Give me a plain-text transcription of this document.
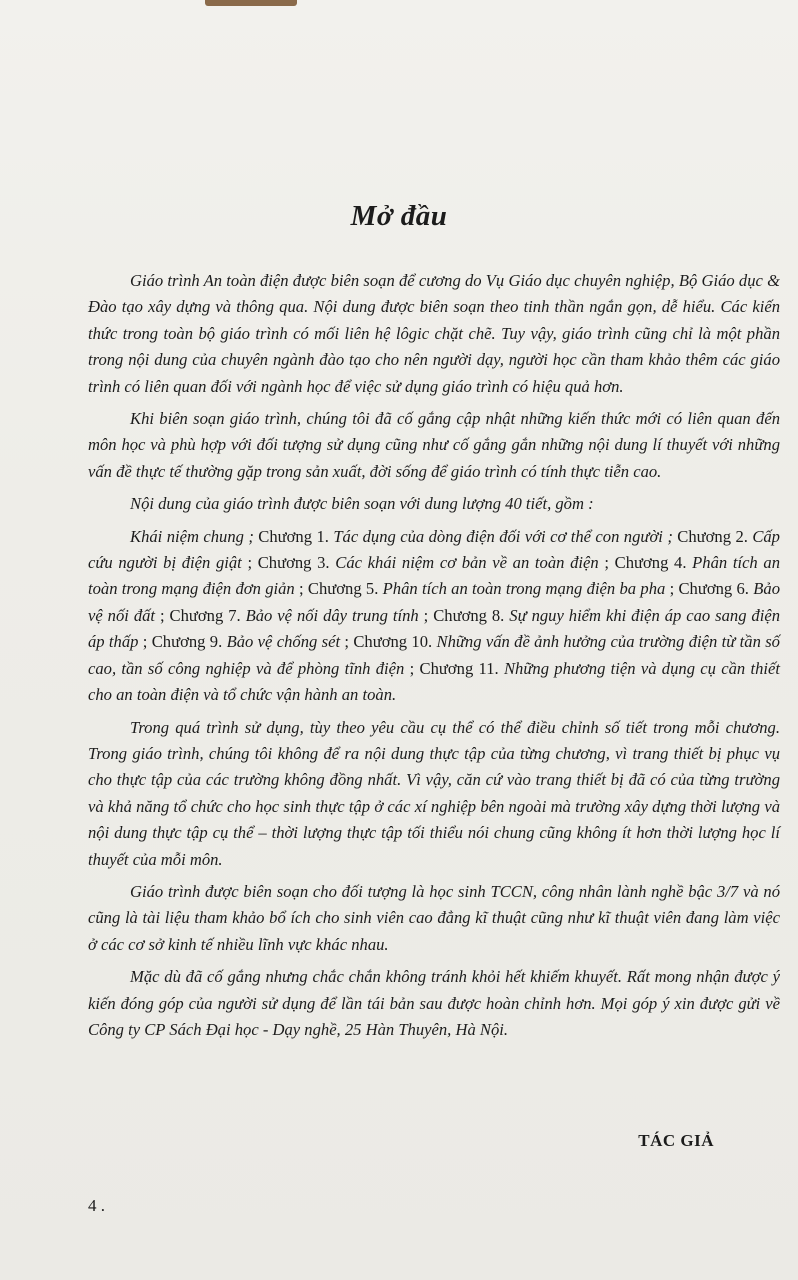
Mở đầu

Giáo trình An toàn điện được biên soạn để cương do Vụ Giáo dục chuyên nghiệp, Bộ Giáo dục & Đào tạo xây dựng và thông qua. Nội dung được biên soạn theo tinh thần ngắn gọn, dễ hiểu. Các kiến thức trong toàn bộ giáo trình có mối liên hệ lôgic chặt chẽ. Tuy vậy, giáo trình cũng chỉ là một phần trong nội dung của chuyên ngành đào tạo cho nên người dạy, người học cần tham khảo thêm các giáo trình có liên quan đối với ngành học để việc sử dụng giáo trình có hiệu quả hơn.

Khi biên soạn giáo trình, chúng tôi đã cố gắng cập nhật những kiến thức mới có liên quan đến môn học và phù hợp với đối tượng sử dụng cũng như cố gắng gắn những nội dung lí thuyết với những vấn đề thực tế thường gặp trong sản xuất, đời sống để giáo trình có tính thực tiễn cao.

Nội dung của giáo trình được biên soạn với dung lượng 40 tiết, gồm :

Khái niệm chung ; Chương 1. Tác dụng của dòng điện đối với cơ thể con người ; Chương 2. Cấp cứu người bị điện giật ; Chương 3. Các khái niệm cơ bản về an toàn điện ; Chương 4. Phân tích an toàn trong mạng điện đơn giản ; Chương 5. Phân tích an toàn trong mạng điện ba pha ; Chương 6. Bảo vệ nối đất ; Chương 7. Bảo vệ nối dây trung tính ; Chương 8. Sự nguy hiểm khi điện áp cao sang điện áp thấp ; Chương 9. Bảo vệ chống sét ; Chương 10. Những vấn đề ảnh hưởng của trường điện từ tần số cao, tần số công nghiệp và để phòng tĩnh điện ; Chương 11. Những phương tiện và dụng cụ cần thiết cho an toàn điện và tổ chức vận hành an toàn.

Trong quá trình sử dụng, tùy theo yêu cầu cụ thể có thể điều chỉnh số tiết trong mỗi chương. Trong giáo trình, chúng tôi không để ra nội dung thực tập của từng chương, vì trang thiết bị phục vụ cho thực tập của các trường không đồng nhất. Vì vậy, căn cứ vào trang thiết bị đã có của từng trường và khả năng tổ chức cho học sinh thực tập ở các xí nghiệp bên ngoài mà trường xây dựng thời lượng và nội dung thực tập cụ thể – thời lượng thực tập tối thiểu nói chung cũng không ít hơn thời lượng học lí thuyết của mỗi môn.

Giáo trình được biên soạn cho đối tượng là học sinh TCCN, công nhân lành nghề bậc 3/7 và nó cũng là tài liệu tham khảo bổ ích cho sinh viên cao đẳng kĩ thuật cũng như kĩ thuật viên đang làm việc ở các cơ sở kinh tế nhiều lĩnh vực khác nhau.

Mặc dù đã cố gắng nhưng chắc chắn không tránh khỏi hết khiếm khuyết. Rất mong nhận được ý kiến đóng góp của người sử dụng để lần tái bản sau được hoàn chỉnh hơn. Mọi góp ý xin được gửi về Công ty CP Sách Đại học - Dạy nghề, 25 Hàn Thuyên, Hà Nội.

TÁC GIẢ
4 .
